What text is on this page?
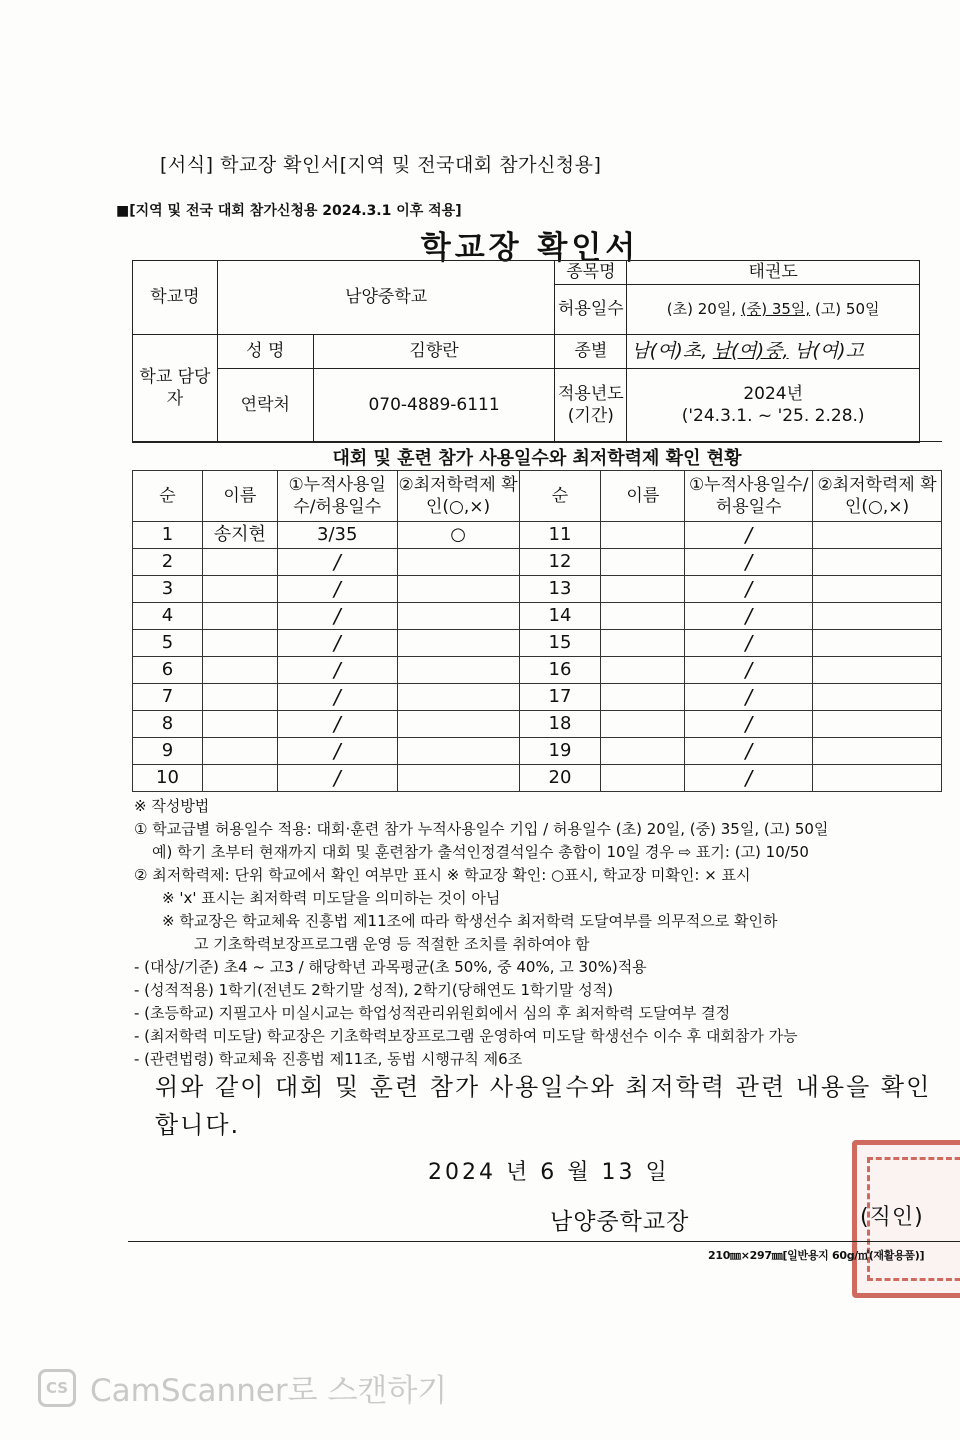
[서식] 학교장 확인서[지역 및 전국대회 참가신청용]
■[지역 및 전국 대회 참가신청용 2024.3.1 이후 적용]
학교장 확인서
학교명	남양중학교		종목명	태권도
			허용일수	(초) 20일, (중) 35일, (고) 50일
학교 담당자	성 명	김향란	종별	남(여)초, 남(여)중, 남(여)고
	연락처	070-4889-6111	적용년도 (기간)	2024년
('24.3.1. ~ '25. 2.28.)
대회 및 훈련 참가 사용일수와 최저학력제 확인 현황
순	이름	①누적사용일수/허용일수	②최저학력제 확인(○,×)	순	이름	①누적사용일수/허용일수	②최저학력제 확인(○,×)
1	송지현	3/35	○	11		/	
2		/		12		/	
3		/		13		/	
4		/		14		/	
5		/		15		/	
6		/		16		/	
7		/		17		/	
8		/		18		/	
9		/		19		/	
10		/		20		/	
※ 작성방법
① 학교급별 허용일수 적용: 대회·훈련 참가 누적사용일수 기입 / 허용일수 (초) 20일, (중) 35일, (고) 50일
예) 학기 초부터 현재까지 대회 및 훈련참가 출석인정결석일수 총합이 10일 경우 ⇨ 표기: (고) 10/50
② 최저학력제: 단위 학교에서 확인 여부만 표시 ※ 학교장 확인: ○표시, 학교장 미확인: × 표시
※ 'x' 표시는 최저학력 미도달을 의미하는 것이 아님
※ 학교장은 학교체육 진흥법 제11조에 따라 학생선수 최저학력 도달여부를 의무적으로 확인하
고 기초학력보장프로그램 운영 등 적절한 조치를 취하여야 함
- (대상/기준) 초4 ~ 고3 / 해당학년 과목평균(초 50%, 중 40%, 고 30%)적용
- (성적적용) 1학기(전년도 2학기말 성적), 2학기(당해연도 1학기말 성적)
- (초등학교) 지필고사 미실시교는 학업성적관리위원회에서 심의 후 최저학력 도달여부 결정
- (최저학력 미도달) 학교장은 기초학력보장프로그램 운영하여 미도달 학생선수 이수 후 대회참가 가능
- (관련법령) 학교체육 진흥법 제11조, 동법 시행규칙 제6조
위와 같이 대회 및 훈련 참가 사용일수와 최저학력 관련 내용을 확인합니다.
2024 년 6 월 13 일
남양중학교장	(직인)
210㎜×297㎜[일반용지 60g/㎡(재활용품)]
CS CamScanner로 스캔하기
